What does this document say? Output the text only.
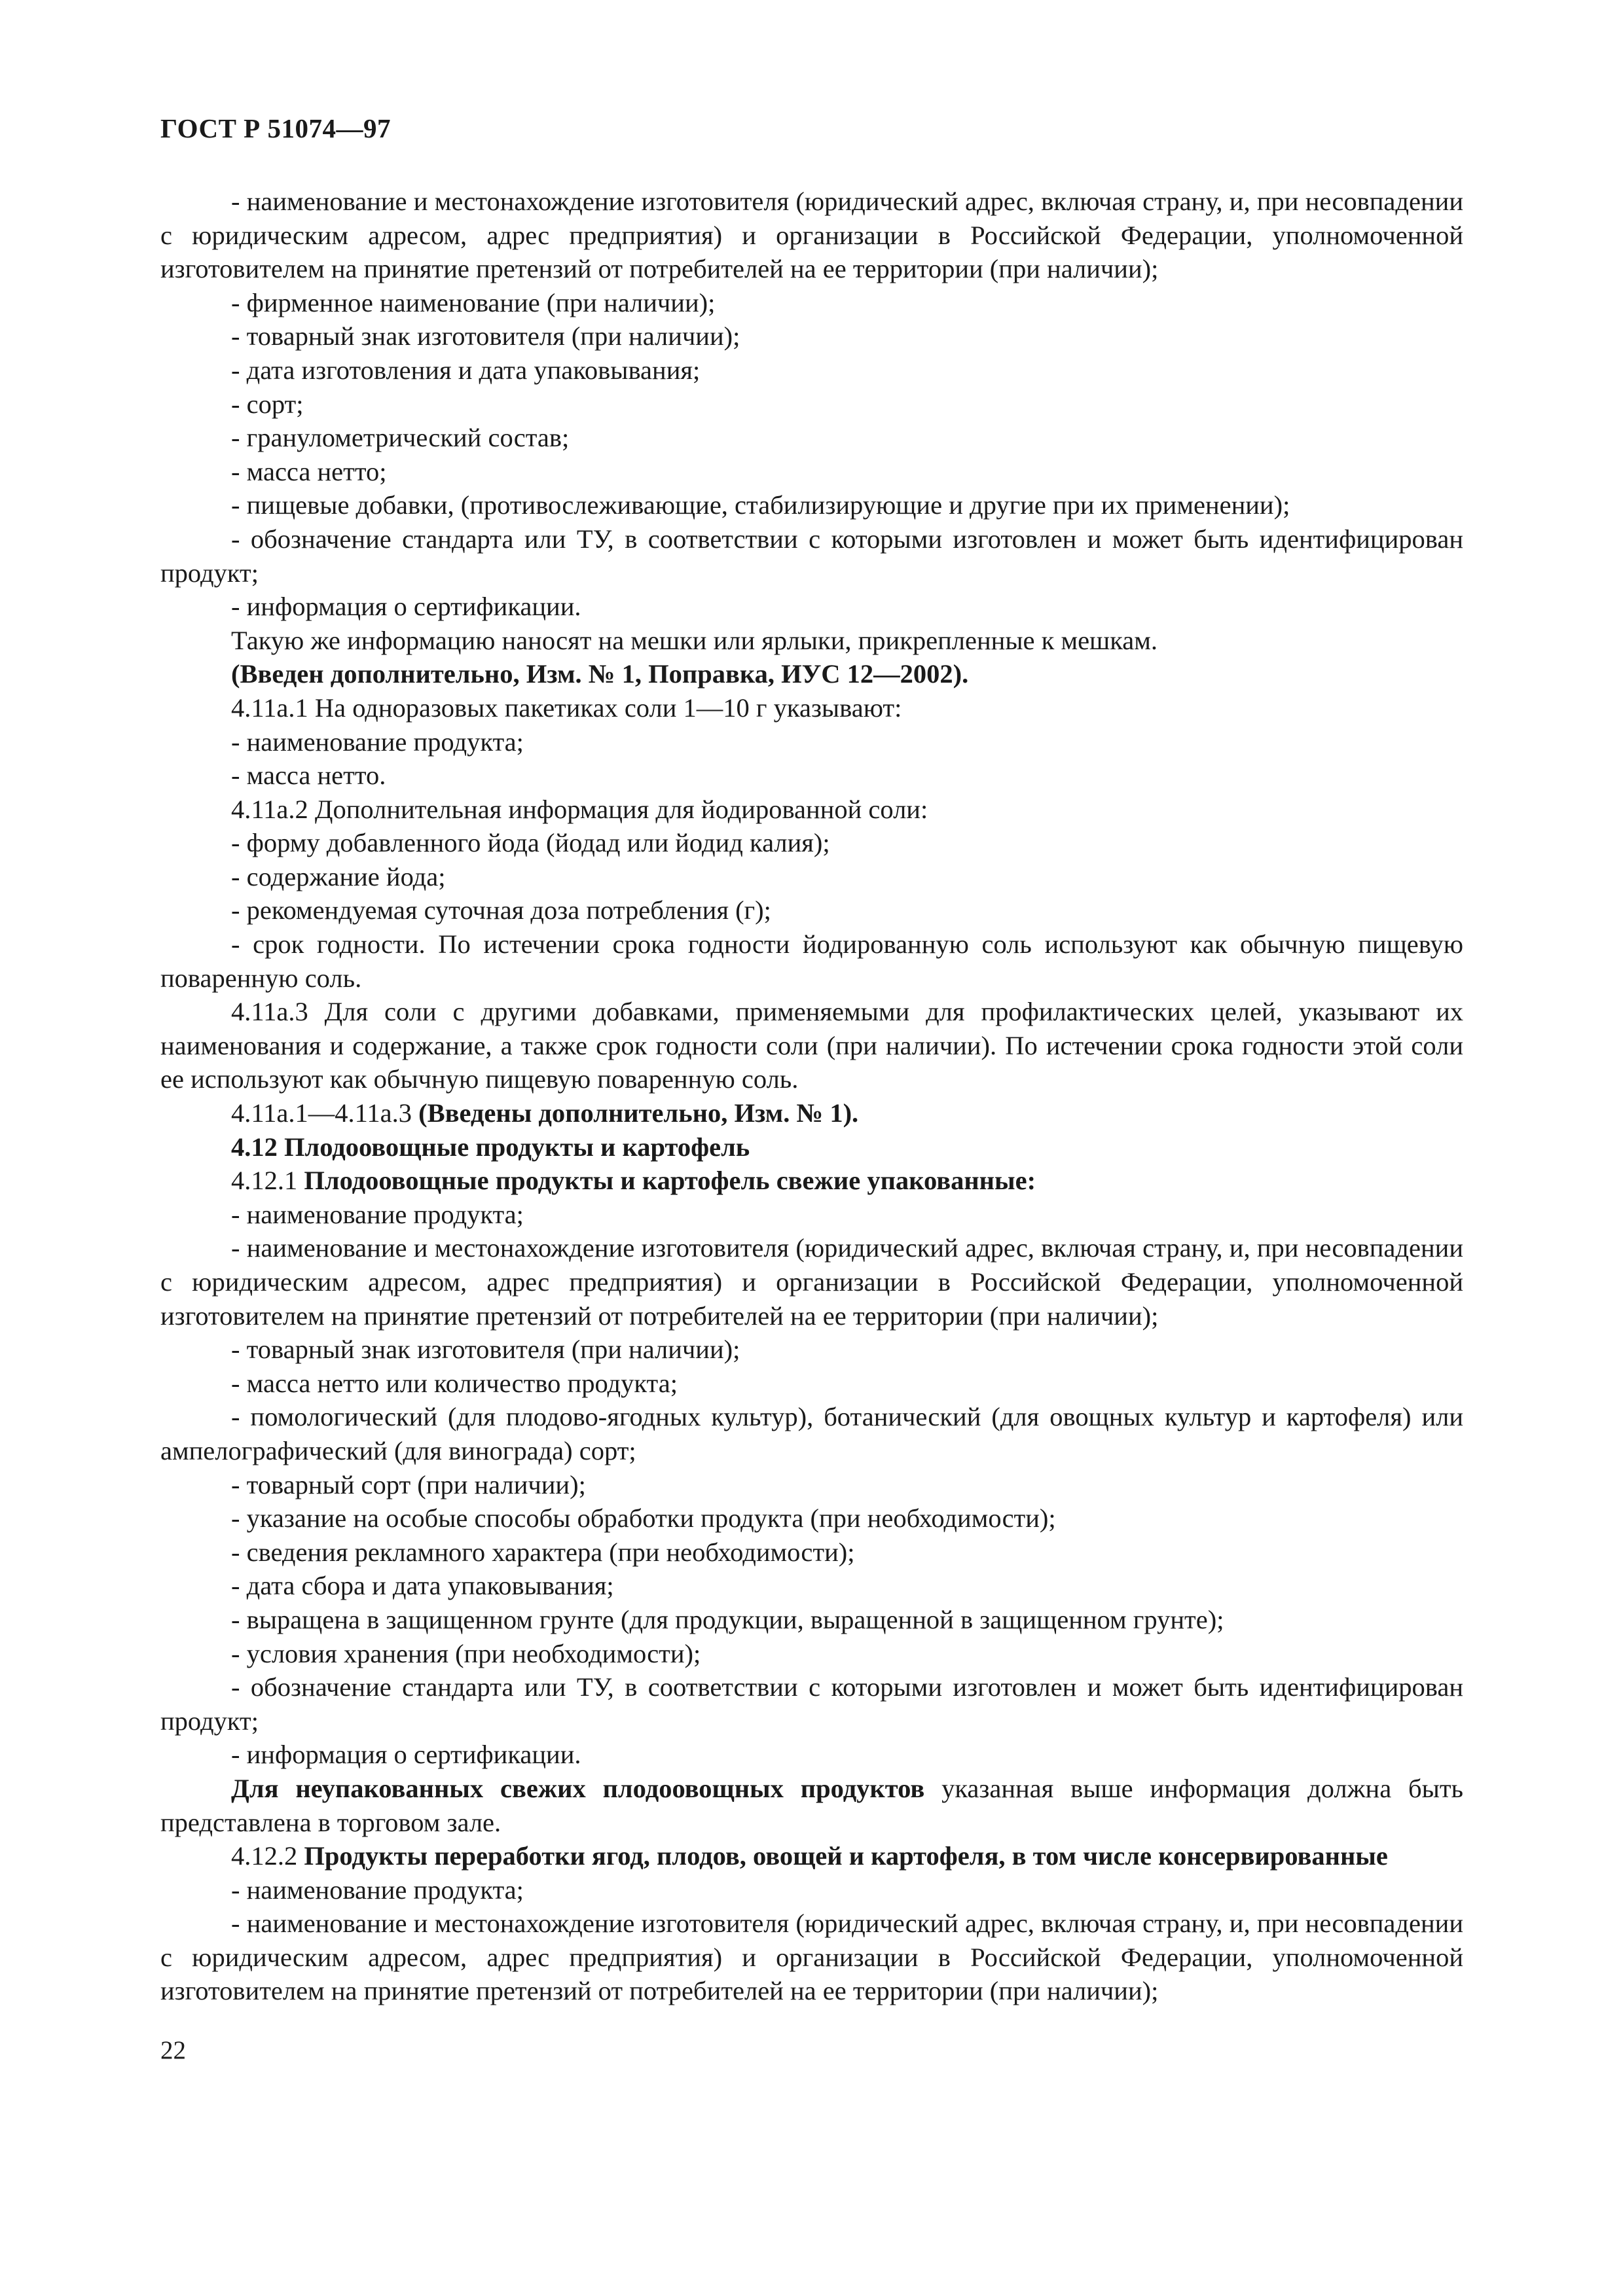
ГОСТ Р 51074—97

- наименование и местонахождение изготовителя (юридический адрес, включая страну, и, при несовпадении с юридическим адресом, адрес предприятия) и организации в Российской Федерации, уполномоченной изготовителем на принятие претензий от потребителей на ее территории (при наличии);

- фирменное наименование (при наличии);

- товарный знак изготовителя (при наличии);

- дата изготовления и дата упаковывания;

- сорт;

- гранулометрический состав;

- масса нетто;

- пищевые добавки, (противослеживающие, стабилизирующие и другие при их применении);

- обозначение стандарта или ТУ, в соответствии с которыми изготовлен и может быть идентифицирован продукт;

- информация о сертификации.

Такую же информацию наносят на мешки или ярлыки, прикрепленные к мешкам.

(Введен дополнительно, Изм. № 1, Поправка, ИУС 12—2002).

4.11а.1 На одноразовых пакетиках соли 1—10 г указывают:

- наименование продукта;

- масса нетто.

4.11а.2 Дополнительная информация для йодированной соли:

- форму добавленного йода (йодад или йодид калия);

- содержание йода;

- рекомендуемая суточная доза потребления (г);

- срок годности. По истечении срока годности йодированную соль используют как обычную пищевую поваренную соль.

4.11а.3 Для соли с другими добавками, применяемыми для профилактических целей, указывают их наименования и содержание, а также срок годности соли (при наличии). По истечении срока годности этой соли ее используют как обычную пищевую поваренную соль.

4.11а.1—4.11а.3 (Введены дополнительно, Изм. № 1).

4.12 Плодоовощные продукты и картофель

4.12.1 Плодоовощные продукты и картофель свежие упакованные:

- наименование продукта;

- наименование и местонахождение изготовителя (юридический адрес, включая страну, и, при несовпадении с юридическим адресом, адрес предприятия) и организации в Российской Федерации, уполномоченной изготовителем на принятие претензий от потребителей на ее территории (при наличии);

- товарный знак изготовителя (при наличии);

- масса нетто или количество продукта;

- помологический (для плодово-ягодных культур), ботанический (для овощных культур и картофеля) или ампелографический (для винограда) сорт;

- товарный сорт (при наличии);

- указание на особые способы обработки продукта (при необходимости);

- сведения рекламного характера (при необходимости);

- дата сбора и дата упаковывания;

- выращена в защищенном грунте (для продукции, выращенной в защищенном грунте);

- условия хранения (при необходимости);

- обозначение стандарта или ТУ, в соответствии с которыми изготовлен и может быть идентифицирован продукт;

- информация о сертификации.

Для неупакованных свежих плодоовощных продуктов указанная выше информация должна быть представлена в торговом зале.

4.12.2 Продукты переработки ягод, плодов, овощей и картофеля, в том числе консервированные

- наименование продукта;

- наименование и местонахождение изготовителя (юридический адрес, включая страну, и, при несовпадении с юридическим адресом, адрес предприятия) и организации в Российской Федерации, уполномоченной изготовителем на принятие претензий от потребителей на ее территории (при наличии);

22
